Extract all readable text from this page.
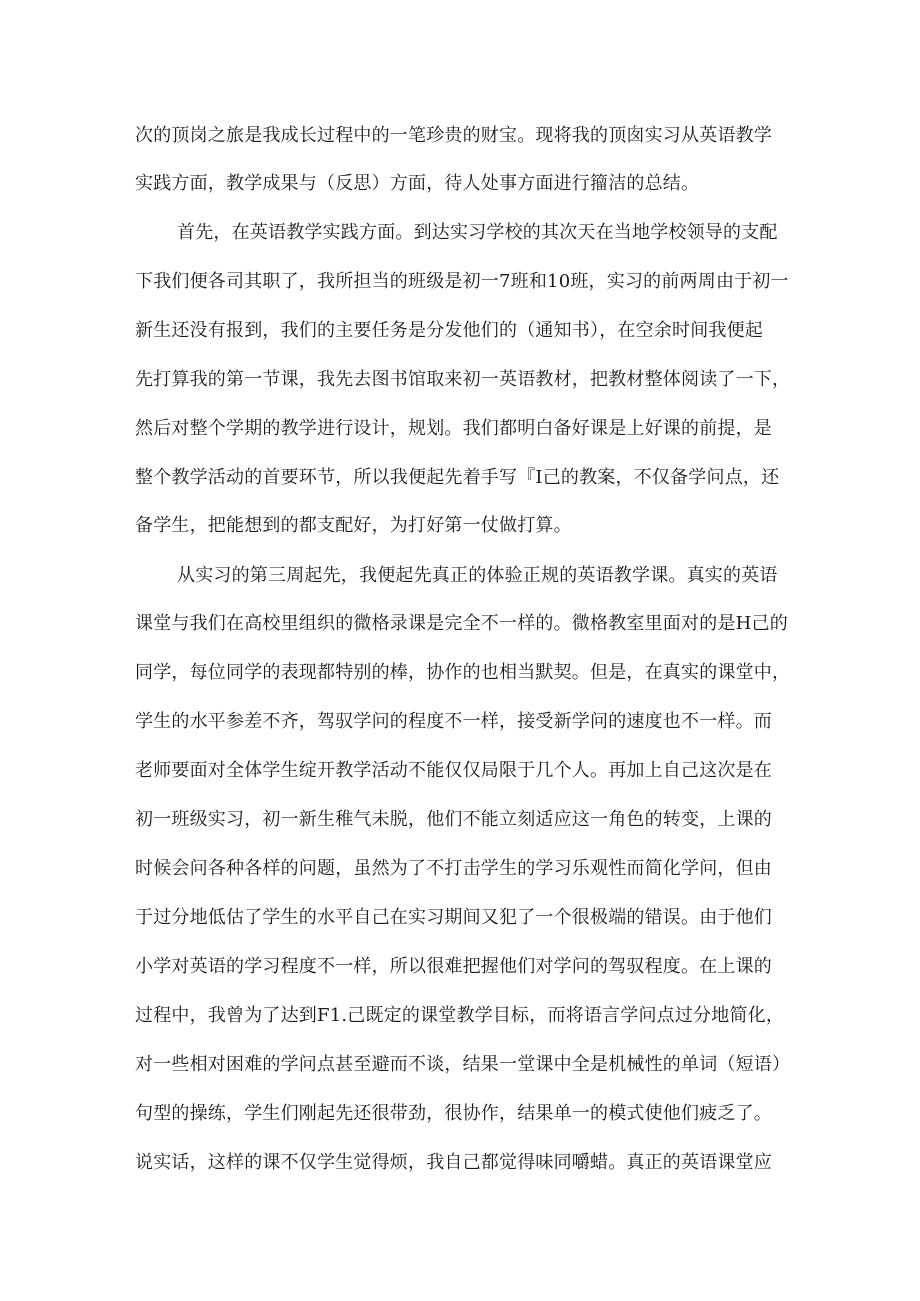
次的顶岗之旅是我成长过程中的一笔珍贵的财宝。现将我的顶囱实习从英语教学
实践方面，教学成果与（反思）方面，待人处事方面进行籀洁的总结。
首先，在英语教学实践方面。到达实习学校的其次天在当地学校领导的支配
下我们便各司其职了，我所担当的班级是初一7班和10班，实习的前两周由于初一
新生还没有报到，我们的主要任务是分发他们的（通知书），在空余时间我便起
先打算我的第一节课，我先去图书馆取来初一英语教材，把教材整体阅读了一下，
然后对整个学期的教学进行设计，规划。我们都明白备好课是上好课的前提，是
整个教学活动的首要环节，所以我便起先着手写『I己的教案，不仅备学问点，还
备学生，把能想到的都支配好，为打好第一仗做打算。
从实习的第三周起先，我便起先真正的体验正规的英语教学课。真实的英语
课堂与我们在高校里组织的微格录课是完全不一样的。微格教室里面对的是H己的
同学，每位同学的表现都特别的棒，协作的也相当默契。但是，在真实的课堂中，
学生的水平参差不齐，驾驭学问的程度不一样，接受新学问的速度也不一样。而
老师要面对全体学生绽开教学活动不能仅仅局限于几个人。再加上自己这次是在
初一班级实习，初一新生稚气未脱，他们不能立刻适应这一角色的转变，上课的
时候会问各种各样的问题，虽然为了不打击学生的学习乐观性而简化学问，但由
于过分地低估了学生的水平自己在实习期间又犯了一个很极端的错误。由于他们
小学对英语的学习程度不一样，所以很难把握他们对学问的驾驭程度。在上课的
过程中，我曾为了达到F1.己既定的课堂教学目标，而将语言学问点过分地简化，
对一些相对困难的学问点甚至避而不谈，结果一堂课中全是机械性的单词（短语）
句型的操练，学生们刚起先还很带劲，很协作，结果单一的模式使他们疲乏了。
说实话，这样的课不仅学生觉得烦，我自己都觉得味同嚼蜡。真正的英语课堂应
